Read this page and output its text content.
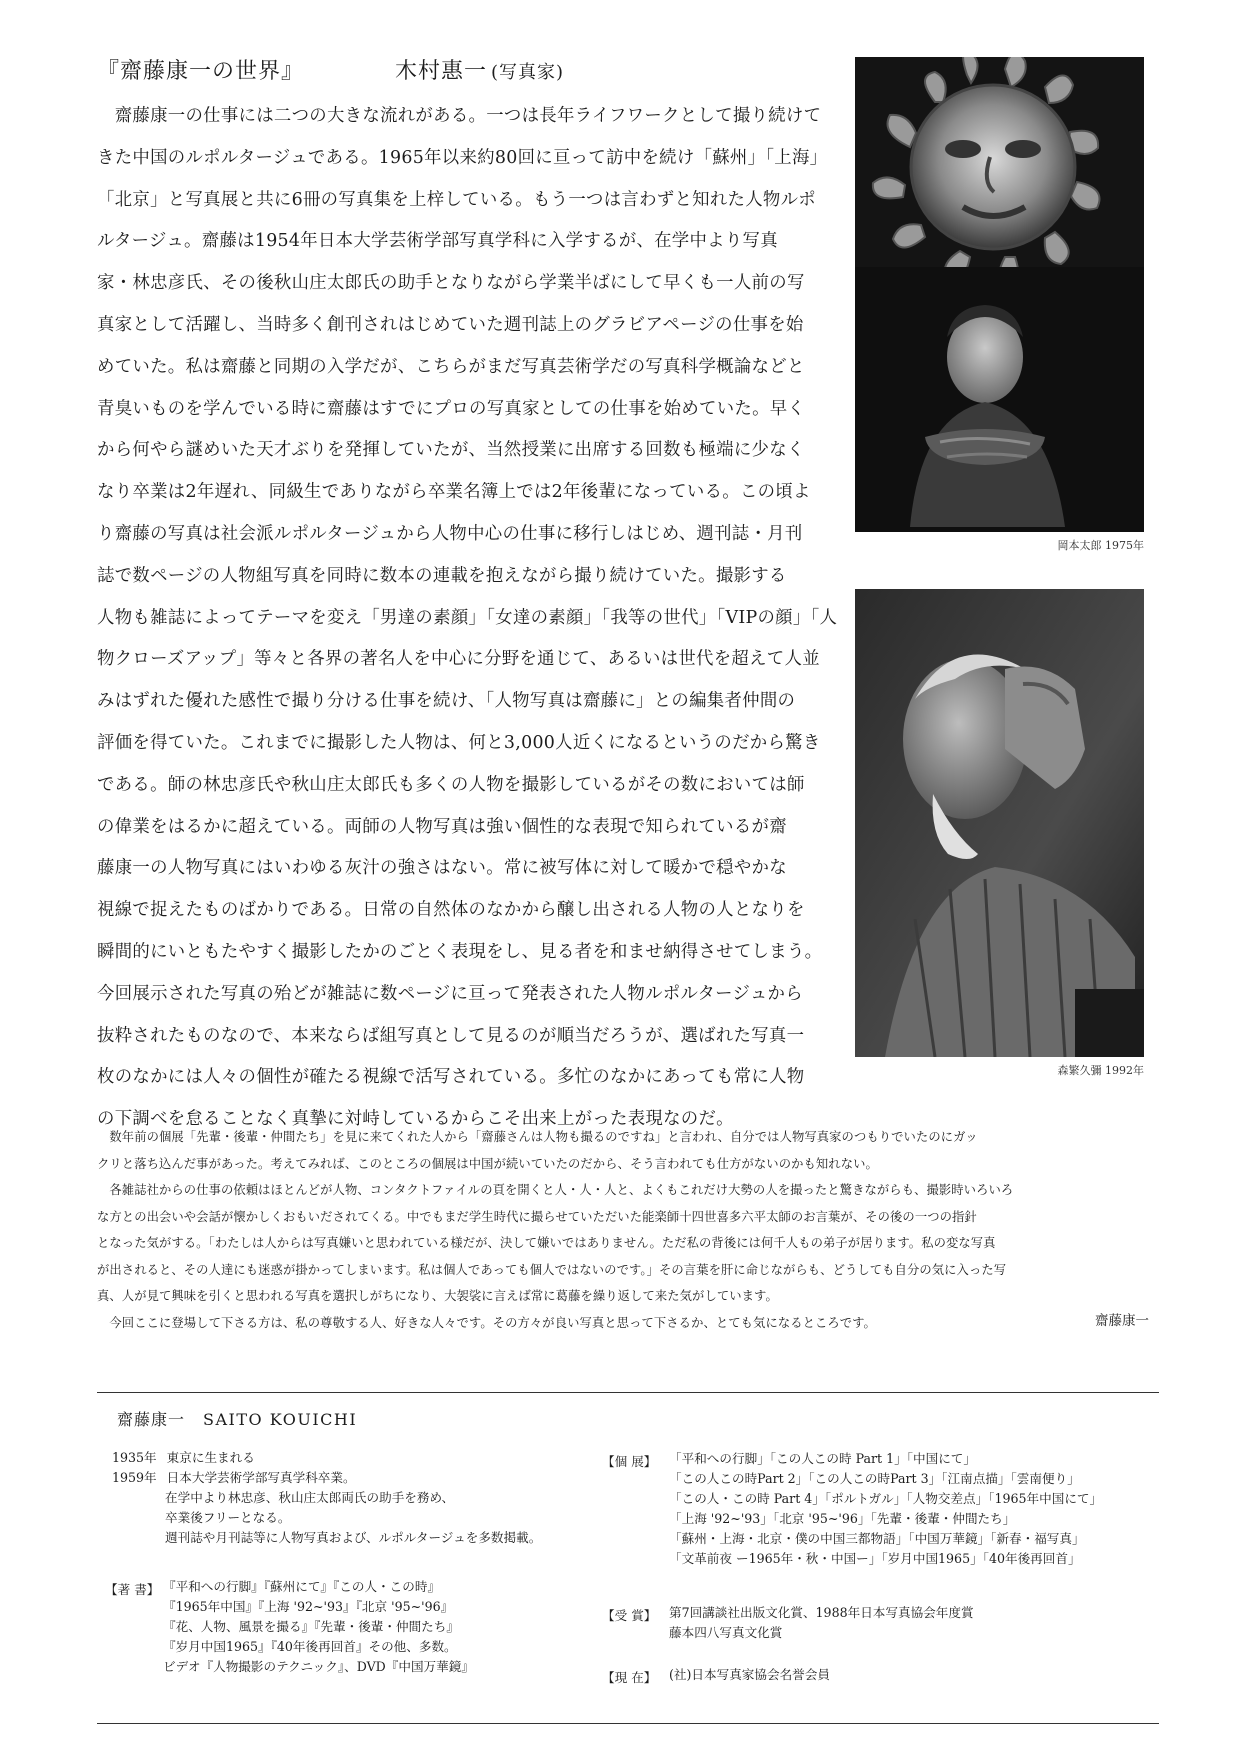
『齋藤康一の世界』	木村惠一 (写真家)
　齋藤康一の仕事には二つの大きな流れがある。一つは長年ライフワークとして撮り続けて
きた中国のルポルタージュである。1965年以来約80回に亘って訪中を続け「蘇州」「上海」
「北京」と写真展と共に6冊の写真集を上梓している。もう一つは言わずと知れた人物ルポ
ルタージュ。齋藤は1954年日本大学芸術学部写真学科に入学するが、在学中より写真
家・林忠彦氏、その後秋山庄太郎氏の助手となりながら学業半ばにして早くも一人前の写
真家として活躍し、当時多く創刊されはじめていた週刊誌上のグラビアページの仕事を始
めていた。私は齋藤と同期の入学だが、こちらがまだ写真芸術学だの写真科学概論などと
青臭いものを学んでいる時に齋藤はすでにプロの写真家としての仕事を始めていた。早く
から何やら謎めいた天才ぶりを発揮していたが、当然授業に出席する回数も極端に少なく
なり卒業は2年遅れ、同級生でありながら卒業名簿上では2年後輩になっている。この頃よ
り齋藤の写真は社会派ルポルタージュから人物中心の仕事に移行しはじめ、週刊誌・月刊
誌で数ページの人物組写真を同時に数本の連載を抱えながら撮り続けていた。撮影する
人物も雑誌によってテーマを変え「男達の素顔」「女達の素顔」「我等の世代」「VIPの顔」「人
物クローズアップ」等々と各界の著名人を中心に分野を通じて、あるいは世代を超えて人並
みはずれた優れた感性で撮り分ける仕事を続け、「人物写真は齋藤に」との編集者仲間の
評価を得ていた。これまでに撮影した人物は、何と3,000人近くになるというのだから驚き
である。師の林忠彦氏や秋山庄太郎氏も多くの人物を撮影しているがその数においては師
の偉業をはるかに超えている。両師の人物写真は強い個性的な表現で知られているが齋
藤康一の人物写真にはいわゆる灰汁の強さはない。常に被写体に対して暖かで穏やかな
視線で捉えたものばかりである。日常の自然体のなかから醸し出される人物の人となりを
瞬間的にいともたやすく撮影したかのごとく表現をし、見る者を和ませ納得させてしまう。
今回展示された写真の殆どが雑誌に数ページに亘って発表された人物ルポルタージュから
抜粋されたものなので、本来ならば組写真として見るのが順当だろうが、選ばれた写真一
枚のなかには人々の個性が確たる視線で活写されている。多忙のなかにあっても常に人物
の下調べを怠ることなく真摯に対峙しているからこそ出来上がった表現なのだ。
岡本太郎 1975年
森繁久彌 1992年
　数年前の個展「先輩・後輩・仲間たち」を見に来てくれた人から「齋藤さんは人物も撮るのですね」と言われ、自分では人物写真家のつもりでいたのにガッ
クリと落ち込んだ事があった。考えてみれば、このところの個展は中国が続いていたのだから、そう言われても仕方がないのかも知れない。
　各雑誌社からの仕事の依頼はほとんどが人物、コンタクトファイルの頁を開くと人・人・人と、よくもこれだけ大勢の人を撮ったと驚きながらも、撮影時いろいろ
な方との出会いや会話が懐かしくおもいだされてくる。中でもまだ学生時代に撮らせていただいた能楽師十四世喜多六平太師のお言葉が、その後の一つの指針
となった気がする。「わたしは人からは写真嫌いと思われている様だが、決して嫌いではありません。ただ私の背後には何千人もの弟子が居ります。私の変な写真
が出されると、その人達にも迷惑が掛かってしまいます。私は個人であっても個人ではないのです。」その言葉を肝に命じながらも、どうしても自分の気に入った写
真、人が見て興味を引くと思われる写真を選択しがちになり、大袈裟に言えば常に葛藤を繰り返して来た気がしています。
　今回ここに登場して下さる方は、私の尊敬する人、好きな人々です。その方々が良い写真と思って下さるか、とても気になるところです。	齋藤康一
齋藤康一 SAITO KOUICHI
1935年 東京に生まれる
1959年 日本大学芸術学部写真学科卒業。
在学中より林忠彦、秋山庄太郎両氏の助手を務め、
卒業後フリーとなる。
週刊誌や月刊誌等に人物写真および、ルポルタージュを多数掲載。
【著 書】 『平和への行脚』『蘇州にて』『この人・この時』
『1965年中国』『上海 '92~'93』『北京 '95~'96』
『花、人物、風景を撮る』『先輩・後輩・仲間たち』
『岁月中国1965』『40年後再回首』その他、多数。
ビデオ『人物撮影のテクニック』、DVD『中国万華鏡』
【個 展】 「平和への行脚」「この人この時 Part 1」「中国にて」
「この人この時Part 2」「この人この時Part 3」「江南点描」「雲南便り」
「この人・この時 Part 4」「ポルトガル」「人物交差点」「1965年中国にて」
「上海 '92~'93」「北京 '95~'96」「先輩・後輩・仲間たち」
「蘇州・上海・北京・僕の中国三都物語」「中国万華鏡」「新春・福写真」
「文革前夜 ー1965年・秋・中国ー」「岁月中国1965」「40年後再回首」
【受 賞】 第7回講談社出版文化賞、1988年日本写真協会年度賞
藤本四八写真文化賞
【現 在】 (社)日本写真家協会名誉会員
